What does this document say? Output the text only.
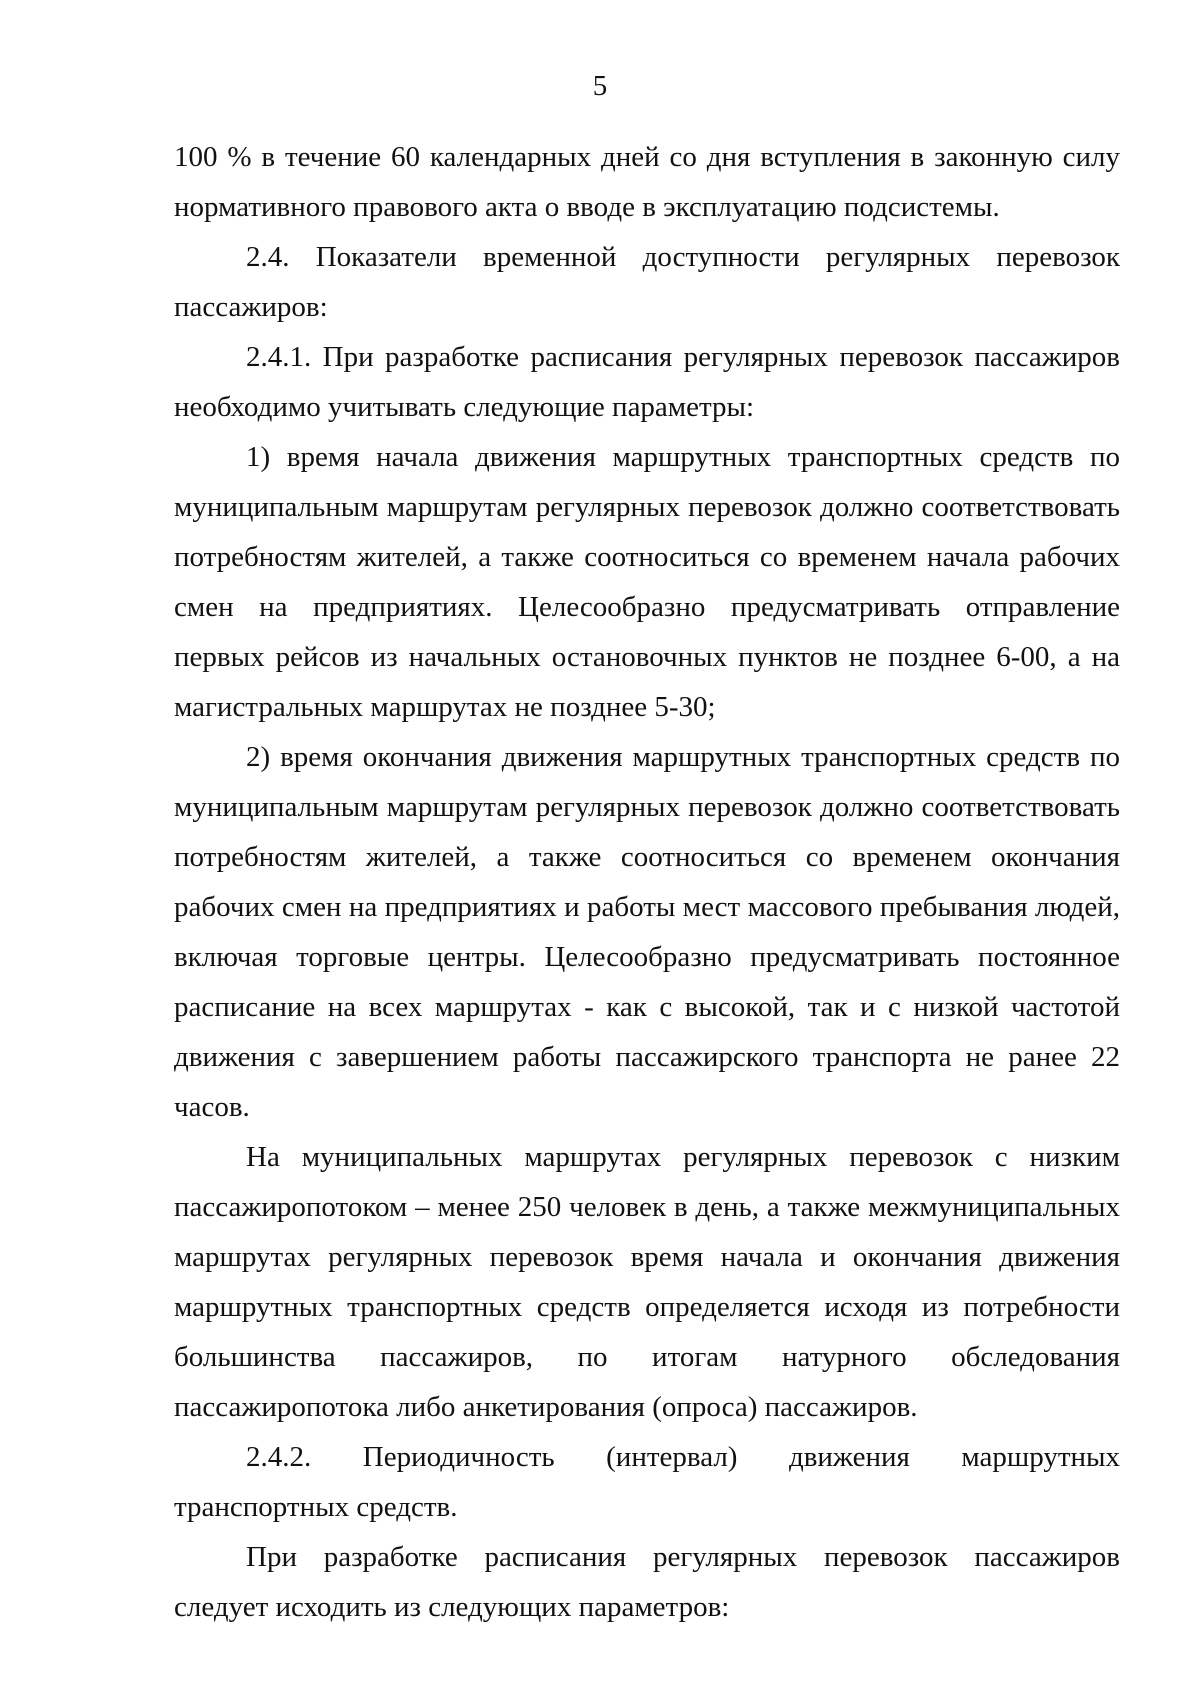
5

100 % в течение 60 календарных дней со дня вступления в законную силу нормативного правового акта о вводе в эксплуатацию подсистемы.

2.4. Показатели временной доступности регулярных перевозок пассажиров:

2.4.1. При разработке расписания регулярных перевозок пассажиров необходимо учитывать следующие параметры:

1) время начала движения маршрутных транспортных средств по муниципальным маршрутам регулярных перевозок должно соответствовать потребностям жителей, а также соотноситься со временем начала рабочих смен на предприятиях. Целесообразно предусматривать отправление первых рейсов из начальных остановочных пунктов не позднее 6-00, а на магистральных маршрутах не позднее 5-30;

2) время окончания движения маршрутных транспортных средств по муниципальным маршрутам регулярных перевозок должно соответствовать потребностям жителей, а также соотноситься со временем окончания рабочих смен на предприятиях и работы мест массового пребывания людей, включая торговые центры. Целесообразно предусматривать постоянное расписание на всех маршрутах - как с высокой, так и с низкой частотой движения с завершением работы пассажирского транспорта не ранее 22 часов.

На муниципальных маршрутах регулярных перевозок с низким пассажиропотоком – менее 250 человек в день, а также межмуниципальных маршрутах регулярных перевозок время начала и окончания движения маршрутных транспортных средств определяется исходя из потребности большинства пассажиров, по итогам натурного обследования пассажиропотока либо анкетирования (опроса) пассажиров.

2.4.2. Периодичность (интервал) движения маршрутных транспортных средств.

При разработке расписания регулярных перевозок пассажиров следует исходить из следующих параметров:
